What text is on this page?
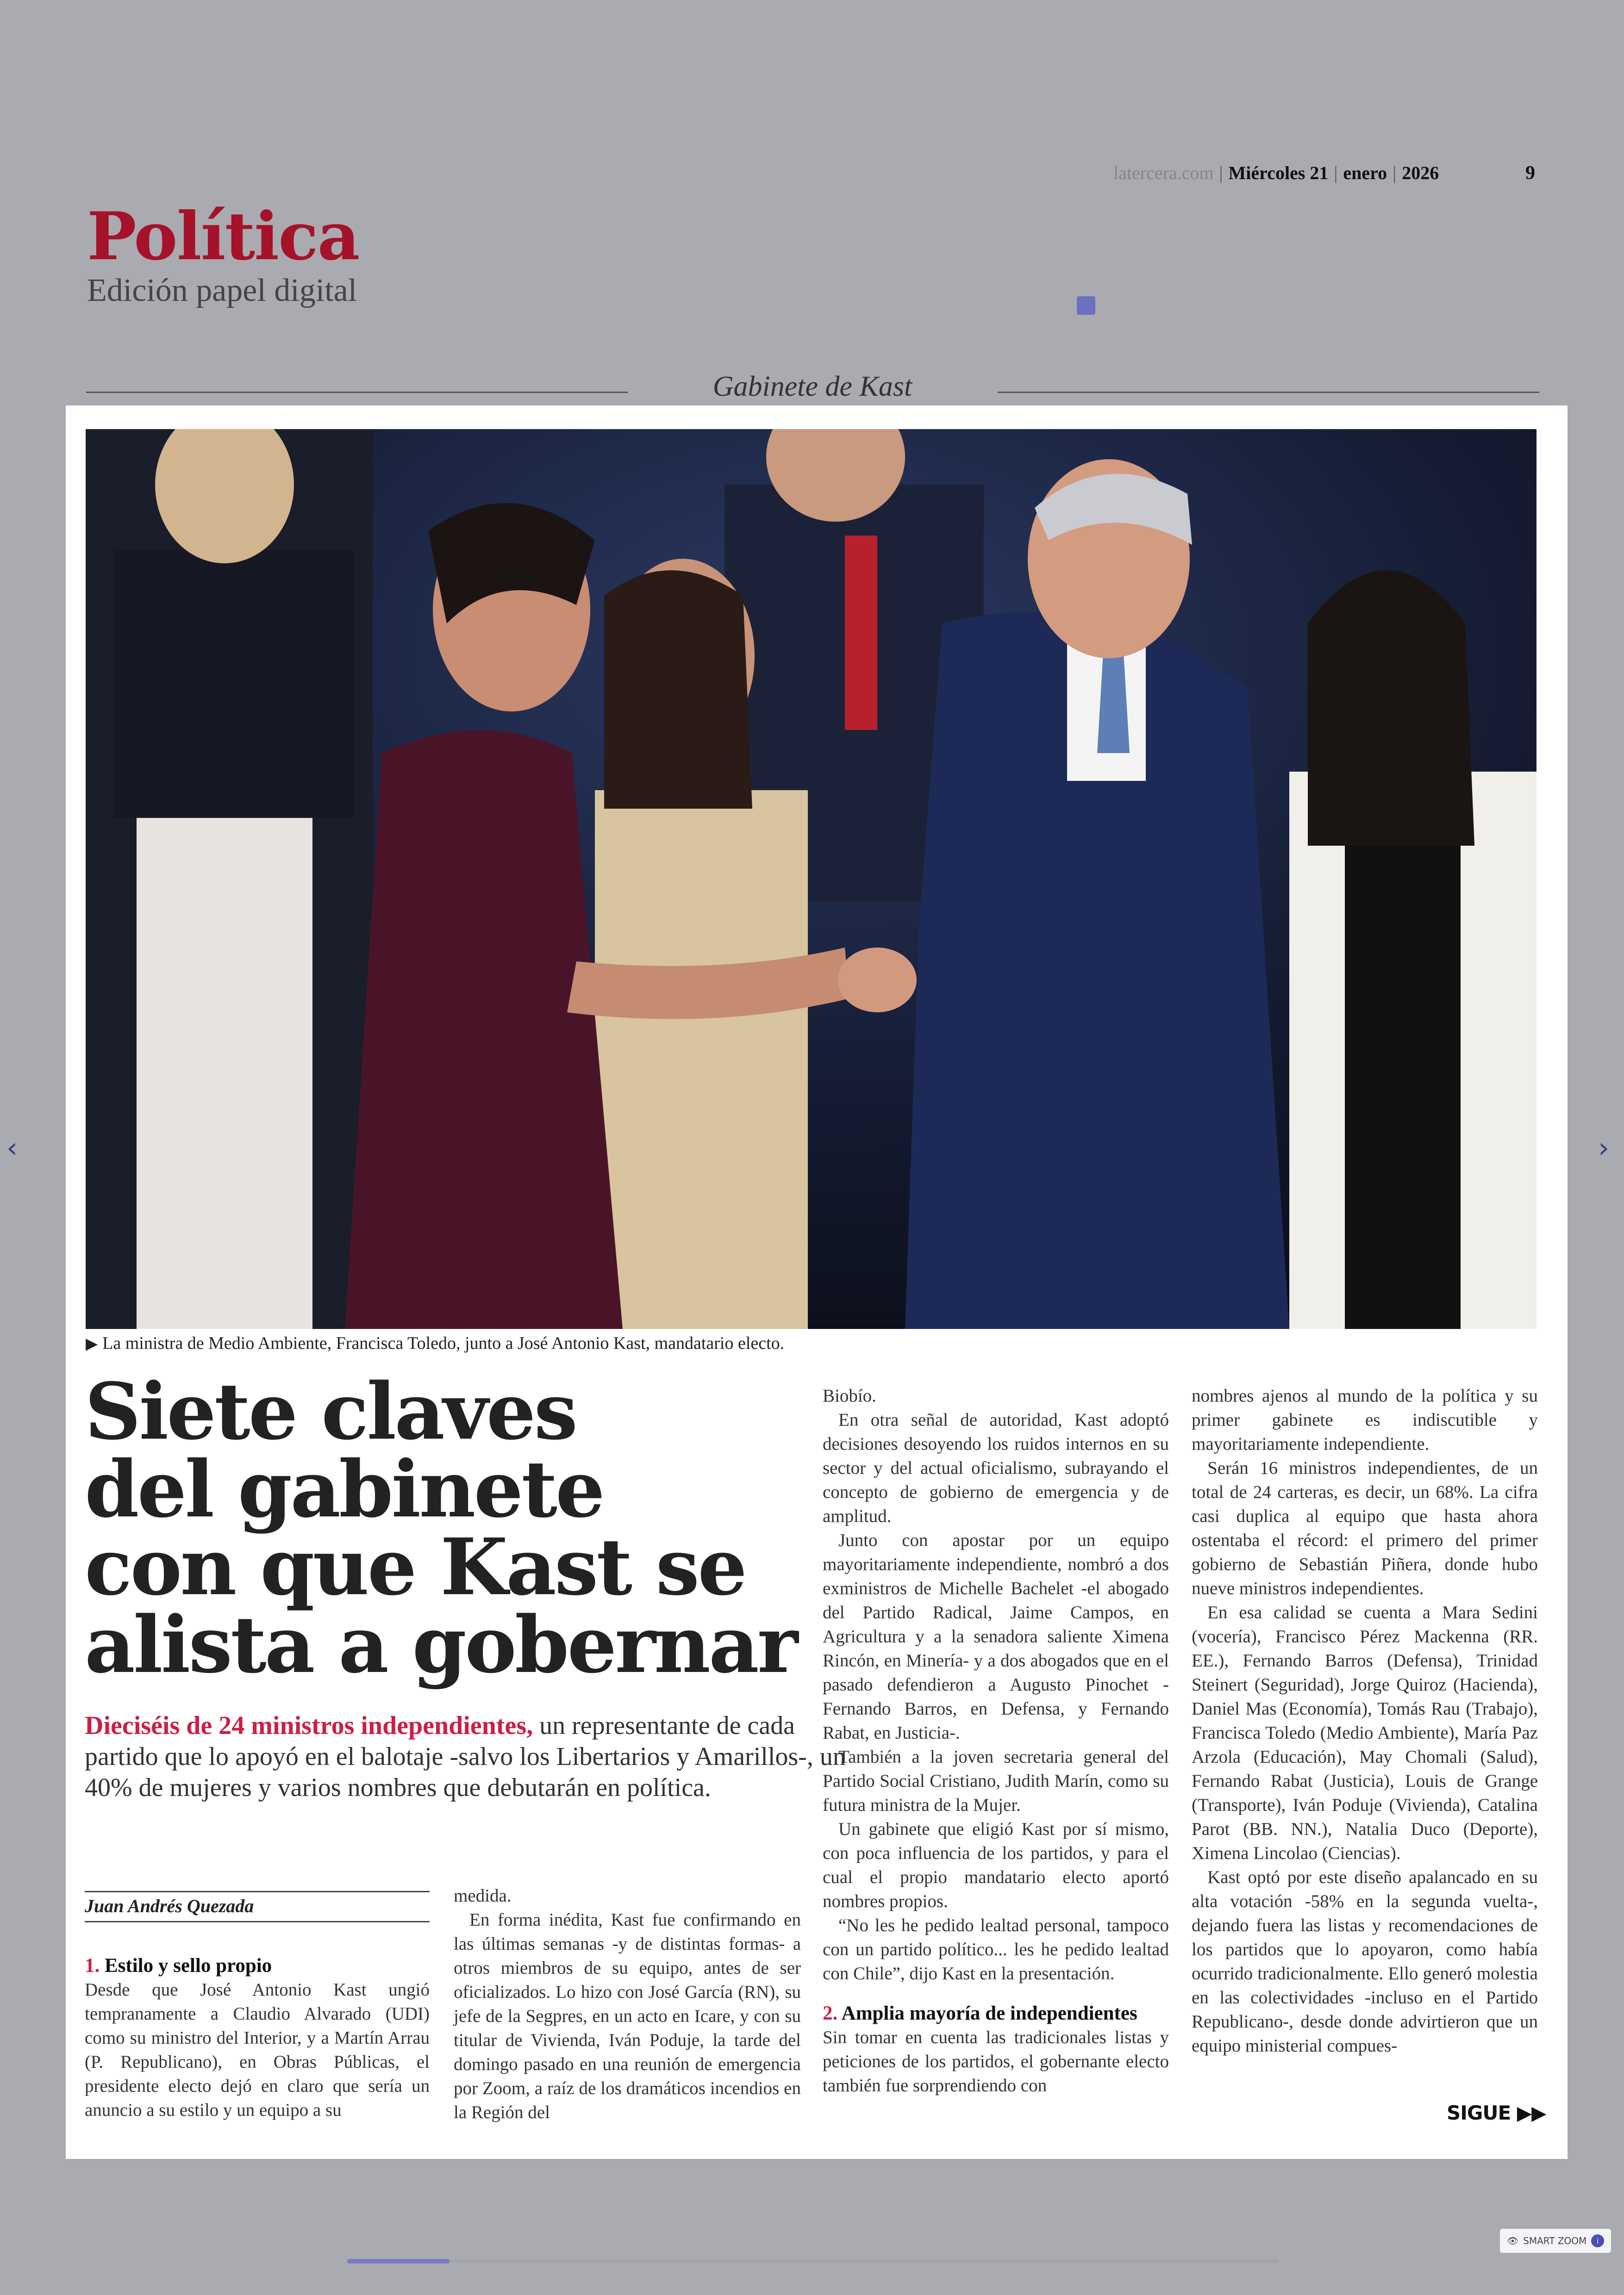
latercera.com | Miércoles 21 | enero | 2026	9
Política
Edición papel digital
Gabinete de Kast
▶ La ministra de Medio Ambiente, Francisca Toledo, junto a José Antonio Kast, mandatario electo.
Siete claves
del gabinete
con que Kast se
alista a gobernar
Dieciséis de 24 ministros independientes, un representante de cada partido que lo apoyó en el balotaje -salvo los Libertarios y Amarillos-, un 40% de mujeres y varios nombres que debutarán en política.
Juan Andrés Quezada
1. Estilo y sello propio

Desde que José Antonio Kast ungió tempranamente a Claudio Alvarado (UDI) como su ministro del Interior, y a Martín Arrau (P. Republicano), en Obras Públicas, el presidente electo dejó en claro que sería un anuncio a su estilo y un equipo a su

medida.

En forma inédita, Kast fue confirmando en las últimas semanas -y de distintas formas- a otros miembros de su equipo, antes de ser oficializados. Lo hizo con José García (RN), su jefe de la Segpres, en un acto en Icare, y con su titular de Vivienda, Iván Poduje, la tarde del domingo pasado en una reunión de emergencia por Zoom, a raíz de los dramáticos incendios en la Región del

Biobío.

En otra señal de autoridad, Kast adoptó decisiones desoyendo los ruidos internos en su sector y del actual oficialismo, subrayando el concepto de gobierno de emergencia y de amplitud.

Junto con apostar por un equipo mayoritariamente independiente, nombró a dos exministros de Michelle Bachelet -el abogado del Partido Radical, Jaime Campos, en Agricultura y a la senadora saliente Ximena Rincón, en Minería- y a dos abogados que en el pasado defendieron a Augusto Pinochet -Fernando Barros, en Defensa, y Fernando Rabat, en Justicia-.

También a la joven secretaria general del Partido Social Cristiano, Judith Marín, como su futura ministra de la Mujer.

Un gabinete que eligió Kast por sí mismo, con poca influencia de los partidos, y para el cual el propio mandatario electo aportó nombres propios.

“No les he pedido lealtad personal, tampoco con un partido político... les he pedido lealtad con Chile”, dijo Kast en la presentación.

2. Amplia mayoría de independientes

Sin tomar en cuenta las tradicionales listas y peticiones de los partidos, el gobernante electo también fue sorprendiendo con

nombres ajenos al mundo de la política y su primer gabinete es indiscutible y mayoritariamente independiente.

Serán 16 ministros independientes, de un total de 24 carteras, es decir, un 68%. La cifra casi duplica al equipo que hasta ahora ostentaba el récord: el primero del primer gobierno de Sebastián Piñera, donde hubo nueve ministros independientes.

En esa calidad se cuenta a Mara Sedini (vocería), Francisco Pérez Mackenna (RR. EE.), Fernando Barros (Defensa), Trinidad Steinert (Seguridad), Jorge Quiroz (Hacienda), Daniel Mas (Economía), Tomás Rau (Trabajo), Francisca Toledo (Medio Ambiente), María Paz Arzola (Educación), May Chomali (Salud), Fernando Rabat (Justicia), Louis de Grange (Transporte), Iván Poduje (Vivienda), Catalina Parot (BB. NN.), Natalia Duco (Deporte), Ximena Lincolao (Ciencias).

Kast optó por este diseño apalancado en su alta votación -58% en la segunda vuelta-, dejando fuera las listas y recomendaciones de los partidos que lo apoyaron, como había ocurrido tradicionalmente. Ello generó molestia en las colectividades -incluso en el Partido Republicano-, desde donde advirtieron que un equipo ministerial compues-

SIGUE ▶▶
‹	›
👁 SMART ZOOM	i
